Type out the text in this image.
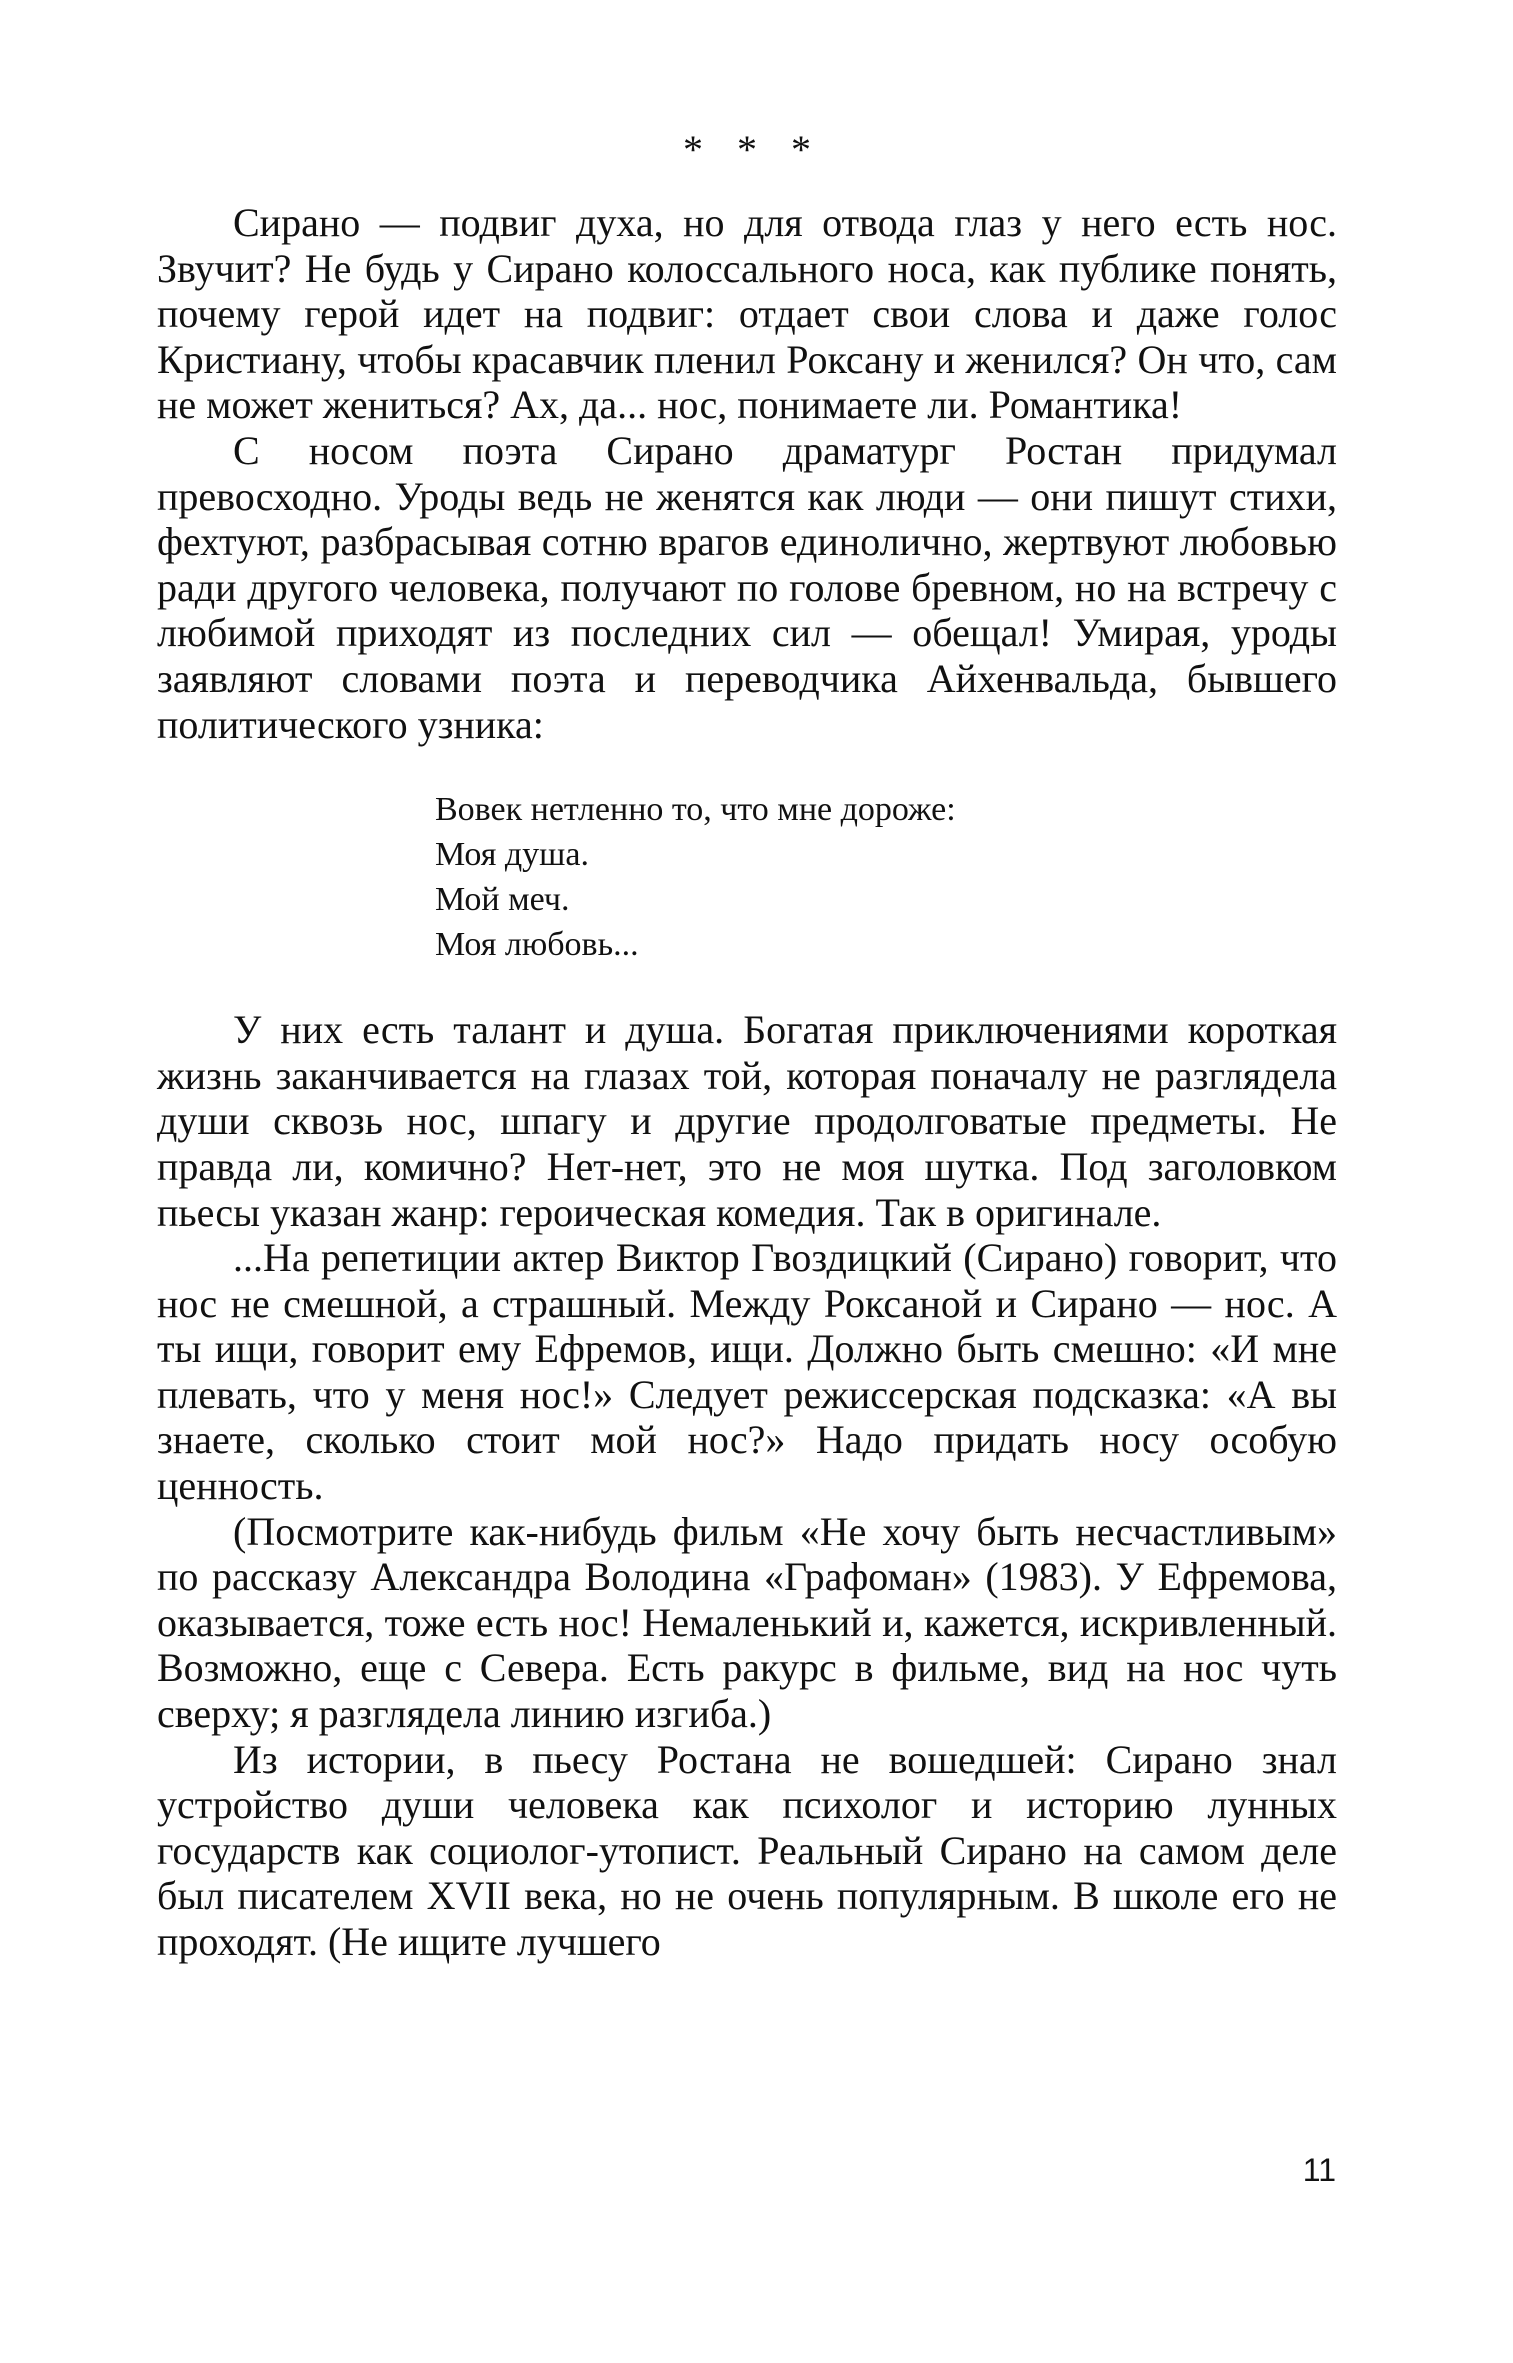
* * *

Сирано — подвиг духа, но для отвода глаз у него есть нос. Звучит? Не будь у Сирано колоссального носа, как публике понять, почему герой идет на подвиг: отдает свои слова и даже голос Кристиану, чтобы красавчик пленил Роксану и женился? Он что, сам не может жениться? Ах, да... нос, понимаете ли. Романтика!

С носом поэта Сирано драматург Ростан придумал превосходно. Уроды ведь не женятся как люди — они пишут стихи, фехтуют, разбрасывая сотню врагов единолично, жертвуют любовью ради другого человека, получают по голове бревном, но на встречу с любимой приходят из последних сил — обещал! Умирая, уроды заявляют словами поэта и переводчика Айхенвальда, бывшего политического узника:

Вовек нетленно то, что мне дороже:
Моя душа.
Мой меч.
Моя любовь...

У них есть талант и душа. Богатая приключениями короткая жизнь заканчивается на глазах той, которая поначалу не разглядела души сквозь нос, шпагу и другие продолговатые предметы. Не правда ли, комично? Нет-нет, это не моя шутка. Под заголовком пьесы указан жанр: героическая комедия. Так в оригинале.

...На репетиции актер Виктор Гвоздицкий (Сирано) говорит, что нос не смешной, а страшный. Между Роксаной и Сирано — нос. А ты ищи, говорит ему Ефремов, ищи. Должно быть смешно: «И мне плевать, что у меня нос!» Следует режиссерская подсказка: «А вы знаете, сколько стоит мой нос?» Надо придать носу особую ценность.

(Посмотрите как-нибудь фильм «Не хочу быть несчастливым» по рассказу Александра Володина «Графоман» (1983). У Ефремова, оказывается, тоже есть нос! Немаленький и, кажется, искривленный. Возможно, еще с Севера. Есть ракурс в фильме, вид на нос чуть сверху; я разглядела линию изгиба.)

Из истории, в пьесу Ростана не вошедшей: Сирано знал устройство души человека как психолог и историю лунных государств как социолог-утопист. Реальный Сирано на самом деле был писателем XVII века, но не очень популярным. В школе его не проходят. (Не ищите лучшего

11
